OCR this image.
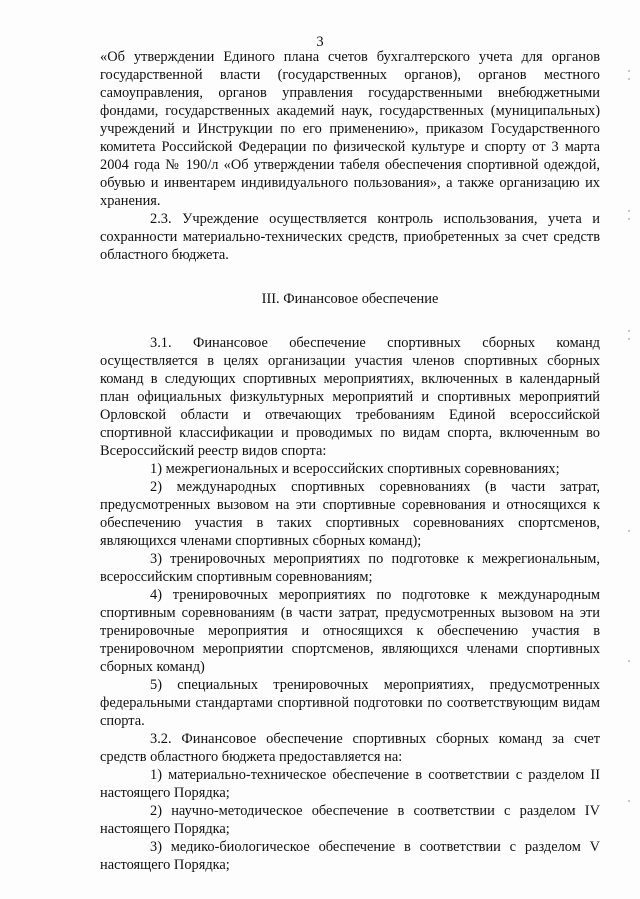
3

«Об утверждении Единого плана счетов бухгалтерского учета для органов государственной власти (государственных органов), органов местного самоуправления, органов управления государственными внебюджетными фондами, государственных академий наук, государственных (муниципальных) учреждений и Инструкции по его применению», приказом Государственного комитета Российской Федерации по физической культуре и спорту от 3 марта 2004 года № 190/л «Об утверждении табеля обеспечения спортивной одеждой, обувью и инвентарем индивидуального пользования», а также организацию их хранения.

2.3. Учреждение осуществляется контроль использования, учета и сохранности материально-технических средств, приобретенных за счет средств областного бюджета.

III. Финансовое обеспечение

3.1. Финансовое обеспечение спортивных сборных команд осуществляется в целях организации участия членов спортивных сборных команд в следующих спортивных мероприятиях, включенных в календарный план официальных физкультурных мероприятий и спортивных мероприятий Орловской области и отвечающих требованиям Единой всероссийской спортивной классификации и проводимых по видам спорта, включенным во Всероссийский реестр видов спорта:

1) межрегиональных и всероссийских спортивных соревнованиях;

2) международных спортивных соревнованиях (в части затрат, предусмотренных вызовом на эти спортивные соревнования и относящихся к обеспечению участия в таких спортивных соревнованиях спортсменов, являющихся членами спортивных сборных команд);

3) тренировочных мероприятиях по подготовке к межрегиональным, всероссийским спортивным соревнованиям;

4) тренировочных мероприятиях по подготовке к международным спортивным соревнованиям (в части затрат, предусмотренных вызовом на эти тренировочные мероприятия и относящихся к обеспечению участия в тренировочном мероприятии спортсменов, являющихся членами спортивных сборных команд)

5) специальных тренировочных мероприятиях, предусмотренных федеральными стандартами спортивной подготовки по соответствующим видам спорта.

3.2. Финансовое обеспечение спортивных сборных команд за счет средств областного бюджета предоставляется на:

1) материально-техническое обеспечение в соответствии с разделом II настоящего Порядка;

2) научно-методическое обеспечение в соответствии с разделом IV настоящего Порядка;

3) медико-биологическое обеспечение в соответствии с разделом V настоящего Порядка;
